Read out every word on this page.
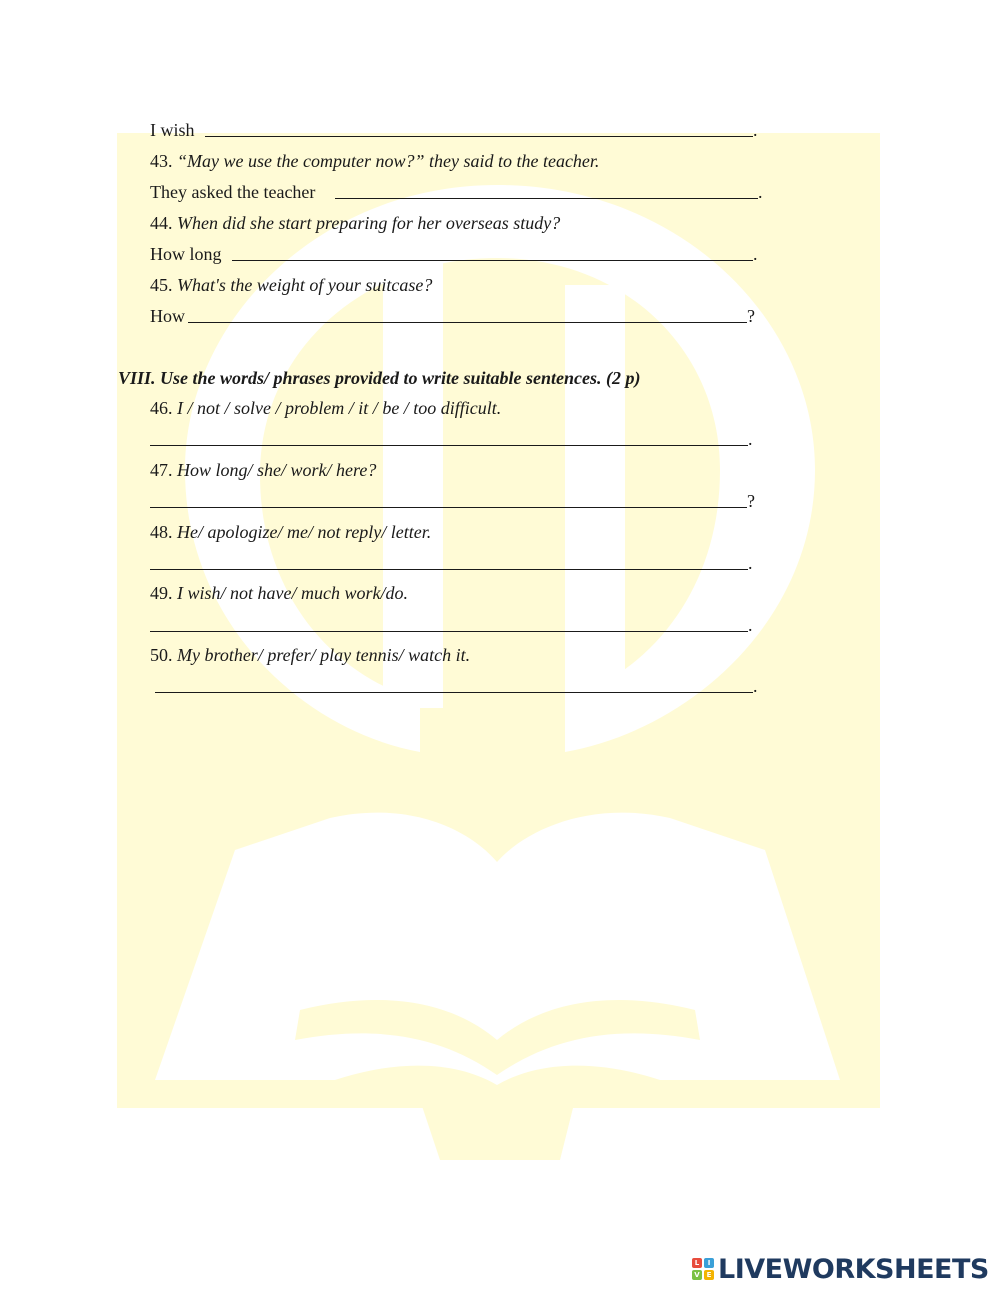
I wish	.
43. “May we use the computer now?” they said to the teacher.
They asked the teacher	.
44. When did she start preparing for her overseas study?
How long	.
45. What's the weight of your suitcase?
How	?
VIII. Use the words/ phrases provided to write suitable sentences. (2 p)
46. I / not / solve / problem / it / be / too difficult.
.
47. How long/ she/ work/ here?
?
48. He/ apologize/ me/ not reply/ letter.
.
49. I wish/ not have/ much work/do.
.
50. My brother/ prefer/ play tennis/ watch it.
.
L	I
V E LIVEWORKSHEETS
